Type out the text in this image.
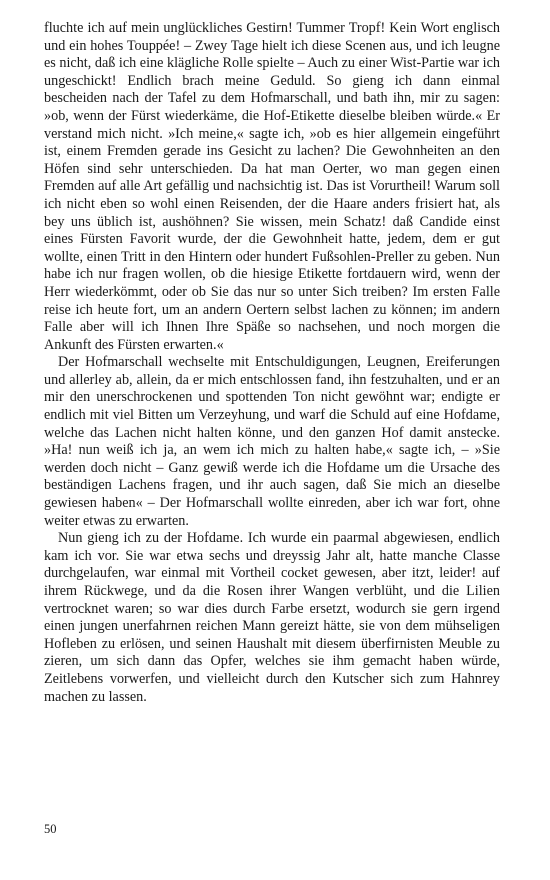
fluchte ich auf mein unglückliches Gestirn! Tummer Tropf! Kein Wort englisch und ein hohes Touppée! – Zwey Tage hielt ich diese Scenen aus, und ich leugne es nicht, daß ich eine klägliche Rolle spielte – Auch zu einer Wist-Partie war ich ungeschickt! Endlich brach meine Geduld. So gieng ich dann einmal bescheiden nach der Tafel zu dem Hofmarschall, und bath ihn, mir zu sagen: »ob, wenn der Fürst wiederkäme, die Hof-Etikette dieselbe bleiben würde.« Er verstand mich nicht. »Ich meine,« sagte ich, »ob es hier allgemein eingeführt ist, einem Fremden gerade ins Gesicht zu lachen? Die Gewohnheiten an den Höfen sind sehr unterschieden. Da hat man Oerter, wo man gegen einen Fremden auf alle Art gefällig und nachsichtig ist. Das ist Vorurtheil! Warum soll ich nicht eben so wohl einen Reisenden, der die Haare anders frisiert hat, als bey uns üblich ist, aushöhnen? Sie wissen, mein Schatz! daß Candide einst eines Fürsten Favorit wurde, der die Gewohnheit hatte, jedem, dem er gut wollte, einen Tritt in den Hintern oder hundert Fußsohlen-Preller zu geben. Nun habe ich nur fragen wollen, ob die hiesige Etikette fortdauern wird, wenn der Herr wiederkömmt, oder ob Sie das nur so unter Sich treiben? Im ersten Falle reise ich heute fort, um an andern Oertern selbst lachen zu können; im andern Falle aber will ich Ihnen Ihre Späße so nachsehen, und noch morgen die Ankunft des Fürsten erwarten.«

Der Hofmarschall wechselte mit Entschuldigungen, Leugnen, Ereiferungen und allerley ab, allein, da er mich entschlossen fand, ihn festzuhalten, und er an mir den unerschrockenen und spottenden Ton nicht gewöhnt war; endigte er endlich mit viel Bitten um Verzeyhung, und warf die Schuld auf eine Hofdame, welche das Lachen nicht halten könne, und den ganzen Hof damit anstecke. »Ha! nun weiß ich ja, an wem ich mich zu halten habe,« sagte ich, – »Sie werden doch nicht – Ganz gewiß werde ich die Hofdame um die Ursache des beständigen Lachens fragen, und ihr auch sagen, daß Sie mich an dieselbe gewiesen haben« – Der Hofmarschall wollte einreden, aber ich war fort, ohne weiter etwas zu erwarten.

Nun gieng ich zu der Hofdame. Ich wurde ein paarmal abgewiesen, endlich kam ich vor. Sie war etwa sechs und dreyssig Jahr alt, hatte manche Classe durchgelaufen, war einmal mit Vortheil cocket gewesen, aber itzt, leider! auf ihrem Rückwege, und da die Rosen ihrer Wangen verblüht, und die Lilien vertrocknet waren; so war dies durch Farbe ersetzt, wodurch sie gern irgend einen jungen unerfahrnen reichen Mann gereizt hätte, sie von dem mühseligen Hofleben zu erlösen, und seinen Haushalt mit diesem überfirnisten Meuble zu zieren, um sich dann das Opfer, welches sie ihm gemacht haben würde, Zeitlebens vorwerfen, und vielleicht durch den Kutscher sich zum Hahnrey machen zu lassen.

50
